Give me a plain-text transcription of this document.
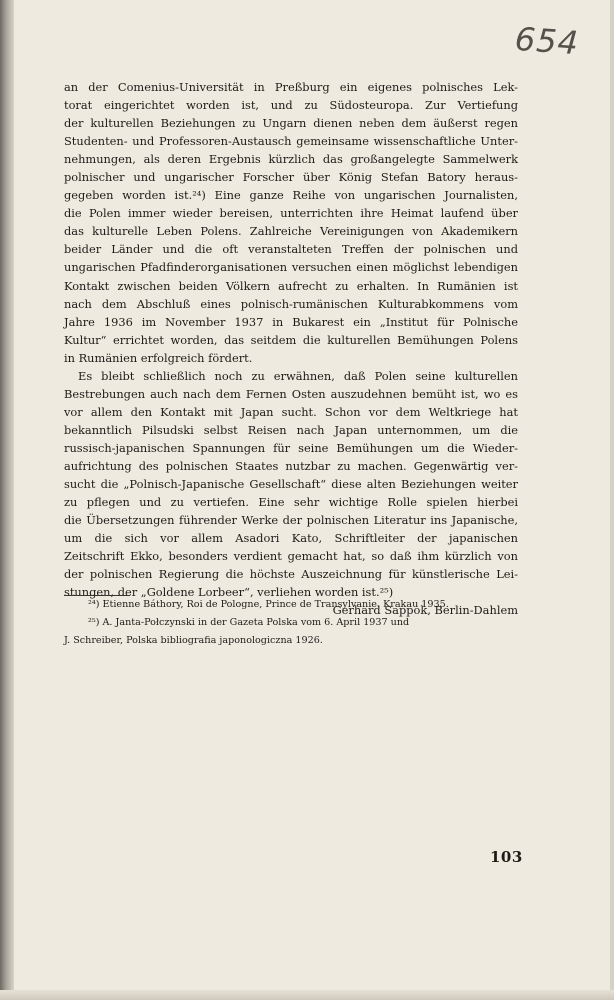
654
an der Comenius-Universität in Preßburg ein eigenes polnisches Lek-
torat eingerichtet worden ist, und zu Südosteuropa. Zur Vertiefung
der kulturellen Beziehungen zu Ungarn dienen neben dem äußerst regen
Studenten- und Professoren-Austausch gemeinsame wissenschaftliche Unter-
nehmungen, als deren Ergebnis kürzlich das großangelegte Sammelwerk
polnischer und ungarischer Forscher über König Stefan Batory heraus-
gegeben worden ist.²⁴) Eine ganze Reihe von ungarischen Journalisten,
die Polen immer wieder bereisen, unterrichten ihre Heimat laufend über
das kulturelle Leben Polens. Zahlreiche Vereinigungen von Akademikern
beider Länder und die oft veranstalteten Treffen der polnischen und
ungarischen Pfadfinderorganisationen versuchen einen möglichst lebendigen
Kontakt zwischen beiden Völkern aufrecht zu erhalten. In Rumänien ist
nach dem Abschluß eines polnisch-rumänischen Kulturabkommens vom
Jahre 1936 im November 1937 in Bukarest ein „Institut für Polnische
Kultur“ errichtet worden, das seitdem die kulturellen Bemühungen Polens
in Rumänien erfolgreich fördert.
Es bleibt schließlich noch zu erwähnen, daß Polen seine kulturellen
Bestrebungen auch nach dem Fernen Osten auszudehnen bemüht ist, wo es
vor allem den Kontakt mit Japan sucht. Schon vor dem Weltkriege hat
bekanntlich Pilsudski selbst Reisen nach Japan unternommen, um die
russisch-japanischen Spannungen für seine Bemühungen um die Wieder-
aufrichtung des polnischen Staates nutzbar zu machen. Gegenwärtig ver-
sucht die „Polnisch-Japanische Gesellschaft“ diese alten Beziehungen weiter
zu pflegen und zu vertiefen. Eine sehr wichtige Rolle spielen hierbei
die Übersetzungen führender Werke der polnischen Literatur ins Japanische,
um die sich vor allem Asadori Kato, Schriftleiter der japanischen
Zeitschrift Ekko, besonders verdient gemacht hat, so daß ihm kürzlich von
der polnischen Regierung die höchste Auszeichnung für künstlerische Lei-
stungen, der „Goldene Lorbeer“, verliehen worden ist.²⁵)
Gerhard Sappok, Berlin-Dahlem
²⁴) Etienne Báthory, Roi de Pologne, Prince de Transylvanie. Krakau 1935.
²⁵) A. Janta-Połczynski in der Gazeta Polska vom 6. April 1937 und
J. Schreiber, Polska bibliografia japonologiczna 1926.
103
